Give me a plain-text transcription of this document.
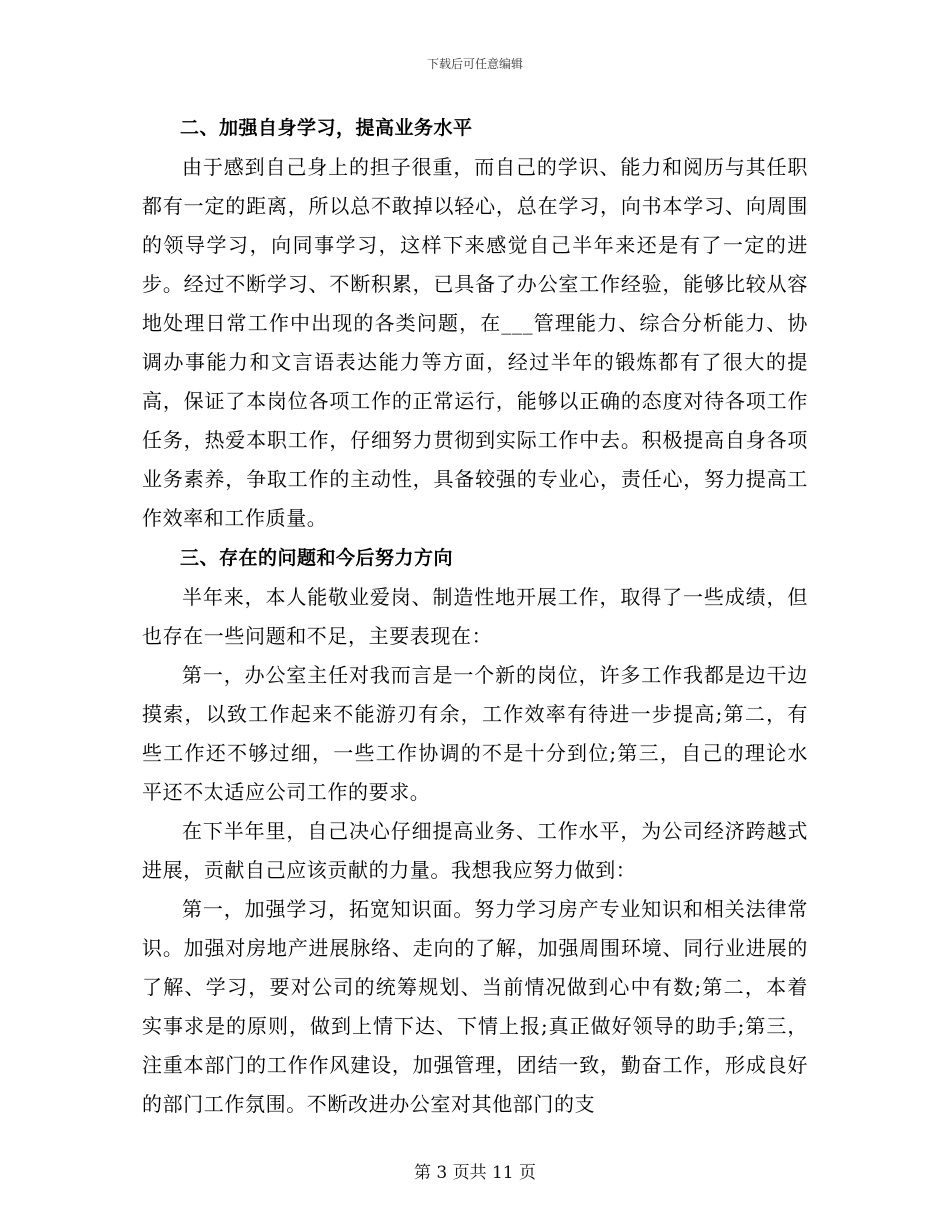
下载后可任意编辑
二、加强自身学习，提高业务水平

由于感到自己身上的担子很重，而自己的学识、能力和阅历与其任职都有一定的距离，所以总不敢掉以轻心，总在学习，向书本学习、向周围的领导学习，向同事学习，这样下来感觉自己半年来还是有了一定的进步。经过不断学习、不断积累，已具备了办公室工作经验，能够比较从容地处理日常工作中出现的各类问题，在___管理能力、综合分析能力、协调办事能力和文言语表达能力等方面，经过半年的锻炼都有了很大的提高，保证了本岗位各项工作的正常运行，能够以正确的态度对待各项工作任务，热爱本职工作，仔细努力贯彻到实际工作中去。积极提高自身各项业务素养，争取工作的主动性，具备较强的专业心，责任心，努力提高工作效率和工作质量。

三、存在的问题和今后努力方向

半年来，本人能敬业爱岗、制造性地开展工作，取得了一些成绩，但也存在一些问题和不足，主要表现在：

第一，办公室主任对我而言是一个新的岗位，许多工作我都是边干边摸索，以致工作起来不能游刃有余，工作效率有待进一步提高;第二，有些工作还不够过细，一些工作协调的不是十分到位;第三，自己的理论水平还不太适应公司工作的要求。

在下半年里，自己决心仔细提高业务、工作水平，为公司经济跨越式进展，贡献自己应该贡献的力量。我想我应努力做到：

第一，加强学习，拓宽知识面。努力学习房产专业知识和相关法律常识。加强对房地产进展脉络、走向的了解，加强周围环境、同行业进展的了解、学习，要对公司的统筹规划、当前情况做到心中有数;第二，本着实事求是的原则，做到上情下达、下情上报;真正做好领导的助手;第三，注重本部门的工作作风建设，加强管理，团结一致，勤奋工作，形成良好的部门工作氛围。不断改进办公室对其他部门的支

第 3 页共 11 页
